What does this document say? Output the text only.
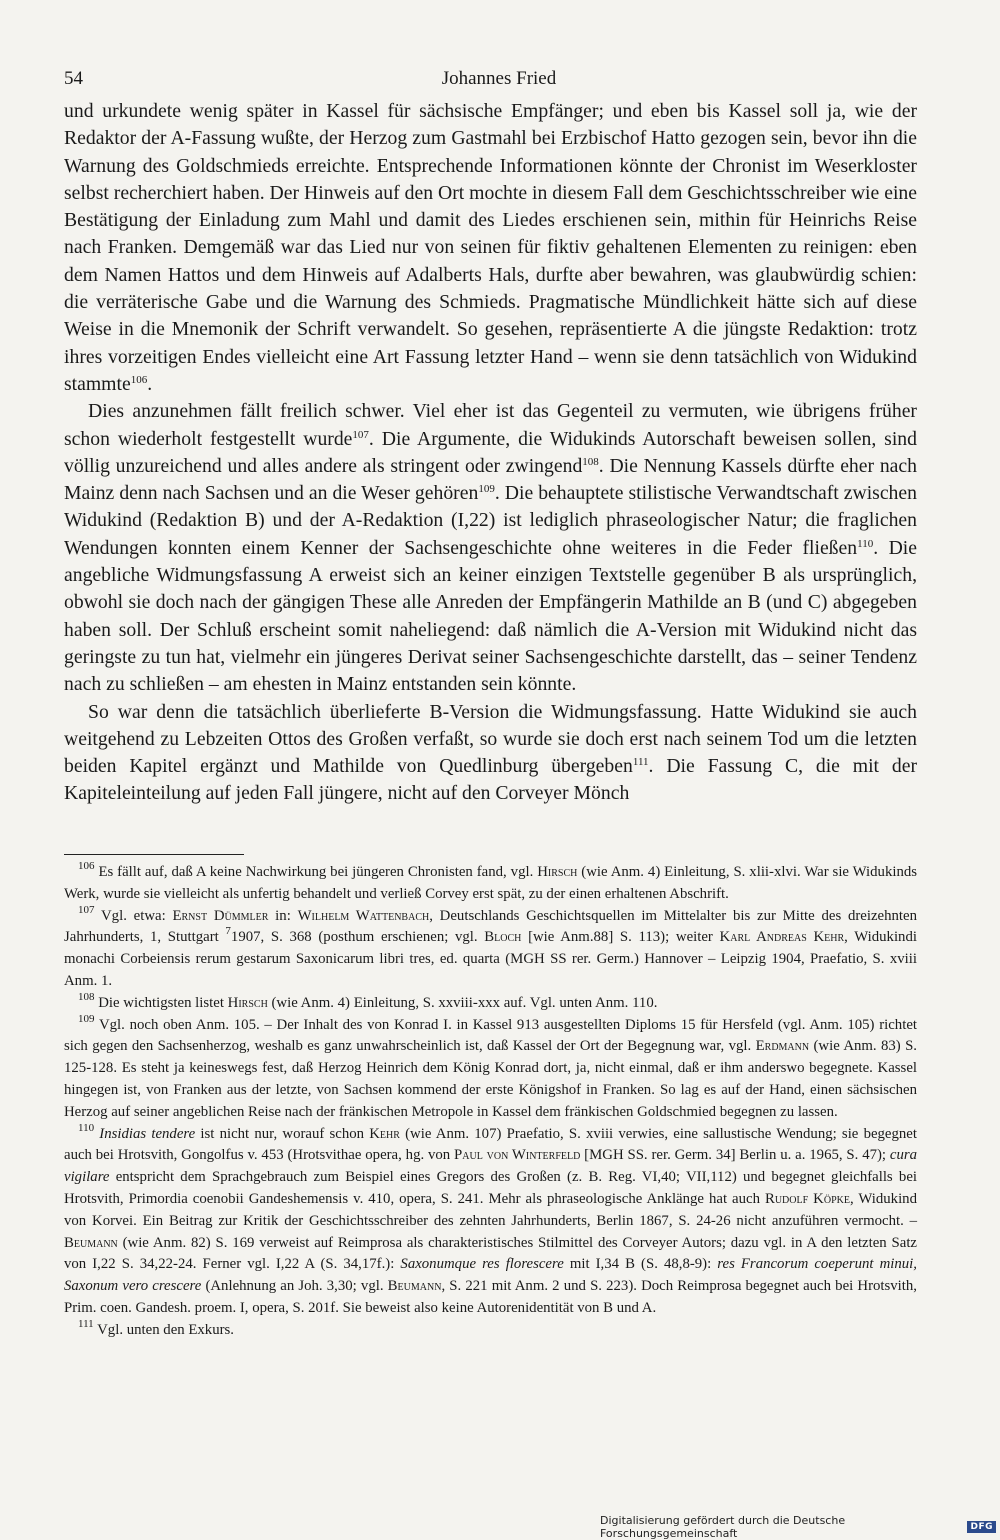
54	Johannes Fried

und urkundete wenig später in Kassel für sächsische Empfänger; und eben bis Kassel soll ja, wie der Redaktor der A-Fassung wußte, der Herzog zum Gastmahl bei Erzbischof Hatto gezogen sein, bevor ihn die Warnung des Goldschmieds erreichte. Entsprechende Informationen könnte der Chronist im Weserkloster selbst recherchiert haben. Der Hinweis auf den Ort mochte in diesem Fall dem Geschichtsschreiber wie eine Bestätigung der Einladung zum Mahl und damit des Liedes erschienen sein, mithin für Heinrichs Reise nach Franken. Demgemäß war das Lied nur von seinen für fiktiv gehaltenen Elementen zu reinigen: eben dem Namen Hattos und dem Hinweis auf Adalberts Hals, durfte aber bewahren, was glaubwürdig schien: die verräterische Gabe und die Warnung des Schmieds. Pragmatische Mündlichkeit hätte sich auf diese Weise in die Mnemonik der Schrift verwandelt. So gesehen, repräsentierte A die jüngste Redaktion: trotz ihres vorzeitigen Endes vielleicht eine Art Fassung letzter Hand – wenn sie denn tatsächlich von Widukind stammte$^{106}$.

Dies anzunehmen fällt freilich schwer. Viel eher ist das Gegenteil zu vermuten, wie übrigens früher schon wiederholt festgestellt wurde$^{107}$. Die Argumente, die Widukinds Autorschaft beweisen sollen, sind völlig unzureichend und alles andere als stringent oder zwingend$^{108}$. Die Nennung Kassels dürfte eher nach Mainz denn nach Sachsen und an die Weser gehören$^{109}$. Die behauptete stilistische Verwandtschaft zwischen Widukind (Redaktion B) und der A-Redaktion (I,22) ist lediglich phraseologischer Natur; die fraglichen Wendungen konnten einem Kenner der Sachsengeschichte ohne weiteres in die Feder fließen$^{110}$. Die angebliche Widmungsfassung A erweist sich an keiner einzigen Textstelle gegenüber B als ursprünglich, obwohl sie doch nach der gängigen These alle Anreden der Empfängerin Mathilde an B (und C) abgegeben haben soll. Der Schluß erscheint somit naheliegend: daß nämlich die A-Version mit Widukind nicht das geringste zu tun hat, vielmehr ein jüngeres Derivat seiner Sachsengeschichte darstellt, das – seiner Tendenz nach zu schließen – am ehesten in Mainz entstanden sein könnte.

So war denn die tatsächlich überlieferte B-Version die Widmungsfassung. Hatte Widukind sie auch weitgehend zu Lebzeiten Ottos des Großen verfaßt, so wurde sie doch erst nach seinem Tod um die letzten beiden Kapitel ergänzt und Mathilde von Quedlinburg übergeben$^{111}$. Die Fassung C, die mit der Kapiteleinteilung auf jeden Fall jüngere, nicht auf den Corveyer Mönch

$^{106}$ Es fällt auf, daß A keine Nachwirkung bei jüngeren Chronisten fand, vgl. Hirsch (wie Anm. 4) Einleitung, S. xlii-xlvi. War sie Widukinds Werk, wurde sie vielleicht als unfertig behandelt und verließ Corvey erst spät, zu der einen erhaltenen Abschrift.

$^{107}$ Vgl. etwa: Ernst Dümmler in: Wilhelm Wattenbach, Deutschlands Geschichtsquellen im Mittelalter bis zur Mitte des dreizehnten Jahrhunderts, 1, Stuttgart $^7$1907, S. 368 (posthum erschienen; vgl. Bloch [wie Anm.88] S. 113); weiter Karl Andreas Kehr, Widukindi monachi Corbeiensis rerum gestarum Saxonicarum libri tres, ed. quarta (MGH SS rer. Germ.) Hannover – Leipzig 1904, Praefatio, S. xviii Anm. 1.

$^{108}$ Die wichtigsten listet Hirsch (wie Anm. 4) Einleitung, S. xxviii-xxx auf. Vgl. unten Anm. 110.

$^{109}$ Vgl. noch oben Anm. 105. – Der Inhalt des von Konrad I. in Kassel 913 ausgestellten Diploms 15 für Hersfeld (vgl. Anm. 105) richtet sich gegen den Sachsenherzog, weshalb es ganz unwahrscheinlich ist, daß Kassel der Ort der Begegnung war, vgl. Erdmann (wie Anm. 83) S. 125-128. Es steht ja keineswegs fest, daß Herzog Heinrich dem König Konrad dort, ja, nicht einmal, daß er ihm anderswo begegnete. Kassel hingegen ist, von Franken aus der letzte, von Sachsen kommend der erste Königshof in Franken. So lag es auf der Hand, einen sächsischen Herzog auf seiner angeblichen Reise nach der fränkischen Metropole in Kassel dem fränkischen Goldschmied begegnen zu lassen.

$^{110}$ Insidias tendere ist nicht nur, worauf schon Kehr (wie Anm. 107) Praefatio, S. xviii verwies, eine sallustische Wendung; sie begegnet auch bei Hrotsvith, Gongolfus v. 453 (Hrotsvithae opera, hg. von Paul von Winterfeld [MGH SS. rer. Germ. 34] Berlin u. a. 1965, S. 47); cura vigilare entspricht dem Sprachgebrauch zum Beispiel eines Gregors des Großen (z. B. Reg. VI,40; VII,112) und begegnet gleichfalls bei Hrotsvith, Primordia coenobii Gandeshemensis v. 410, opera, S. 241. Mehr als phraseologische Anklänge hat auch Rudolf Köpke, Widukind von Korvei. Ein Beitrag zur Kritik der Geschichtsschreiber des zehnten Jahrhunderts, Berlin 1867, S. 24-26 nicht anzuführen vermocht. – Beumann (wie Anm. 82) S. 169 verweist auf Reimprosa als charakteristisches Stilmittel des Corveyer Autors; dazu vgl. in A den letzten Satz von I,22 S. 34,22-24. Ferner vgl. I,22 A (S. 34,17f.): Saxonumque res florescere mit I,34 B (S. 48,8-9): res Francorum coeperunt minui, Saxonum vero crescere (Anlehnung an Joh. 3,30; vgl. Beumann, S. 221 mit Anm. 2 und S. 223). Doch Reimprosa begegnet auch bei Hrotsvith, Prim. coen. Gandesh. proem. I, opera, S. 201f. Sie beweist also keine Autorenidentität von B und A.

$^{111}$ Vgl. unten den Exkurs.

Digitalisierung gefördert durch die Deutsche Forschungsgemeinschaft	DFG
